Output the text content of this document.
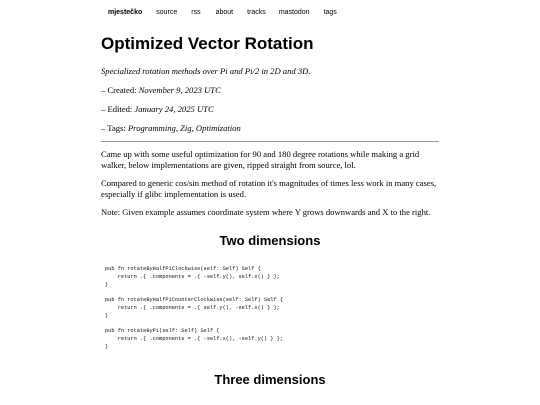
mjestečko source rss about tracks mastodon tags
Optimized Vector Rotation

Specialized rotation methods over Pi and Pi/2 in 2D and 3D.

– Created: November 9, 2023 UTC

– Edited: January 24, 2025 UTC

– Tags: Programming, Zig, Optimization

Came up with some useful optimization for 90 and 180 degree rotations while making a grid walker, below implementations are given, ripped straight from source, lol.

Compared to generic cos/sin method of rotation it's magnitudes of times less work in many cases, especially if glibc implementation is used.

Note: Given example assumes coordinate system where Y grows downwards and X to the right.

Two dimensions
pub fn rotateByHalfPiClockwise(self: Self) Self {
return .{ .components = .{ -self.y(), self.x() } };
}
pub fn rotateByHalfPiCounterClockwise(self: Self) Self {
return .{ .components = .{ self.y(), -self.x() } };
}
pub fn rotateByPi(self: Self) Self {
return .{ .components = .{ -self.x(), -self.y() } };
}
Three dimensions
